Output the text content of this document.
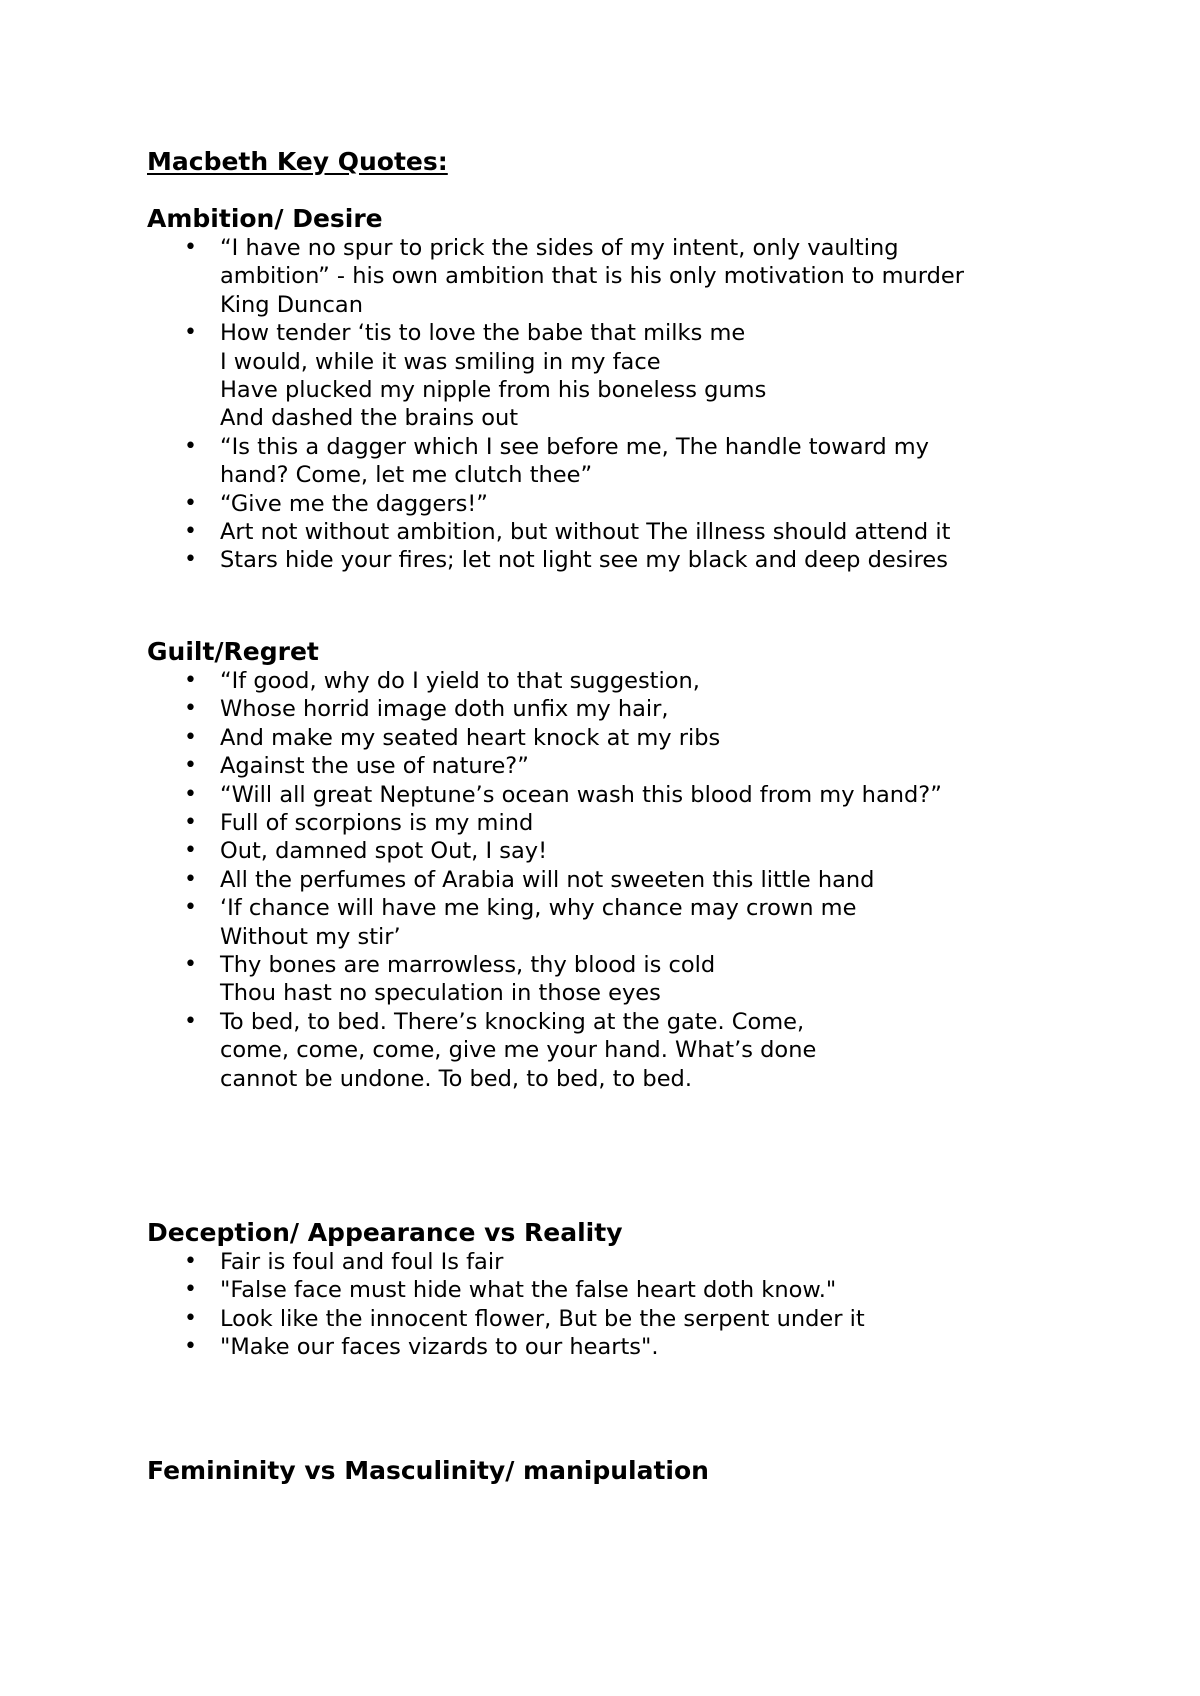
Macbeth Key Quotes:
Ambition/ Desire
• “I have no spur to prick the sides of my intent, only vaulting
ambition” - his own ambition that is his only motivation to murder
King Duncan
• How tender ‘tis to love the babe that milks me
I would, while it was smiling in my face
Have plucked my nipple from his boneless gums
And dashed the brains out
• “Is this a dagger which I see before me, The handle toward my
hand? Come, let me clutch thee”
• “Give me the daggers!”
• Art not without ambition, but without The illness should attend it
• Stars hide your fires; let not light see my black and deep desires
Guilt/Regret
• “If good, why do I yield to that suggestion,
• Whose horrid image doth unfix my hair,
• And make my seated heart knock at my ribs
• Against the use of nature?”
• “Will all great Neptune’s ocean wash this blood from my hand?”
• Full of scorpions is my mind
• Out, damned spot Out, I say!
• All the perfumes of Arabia will not sweeten this little hand
• ‘If chance will have me king, why chance may crown me
Without my stir’
• Thy bones are marrowless, thy blood is cold
Thou hast no speculation in those eyes
• To bed, to bed. There’s knocking at the gate. Come,
come, come, come, give me your hand. What’s done
cannot be undone. To bed, to bed, to bed.
Deception/ Appearance vs Reality
• Fair is foul and foul Is fair
• "False face must hide what the false heart doth know."
• Look like the innocent flower, But be the serpent under it
• "Make our faces vizards to our hearts".
Femininity vs Masculinity/ manipulation
